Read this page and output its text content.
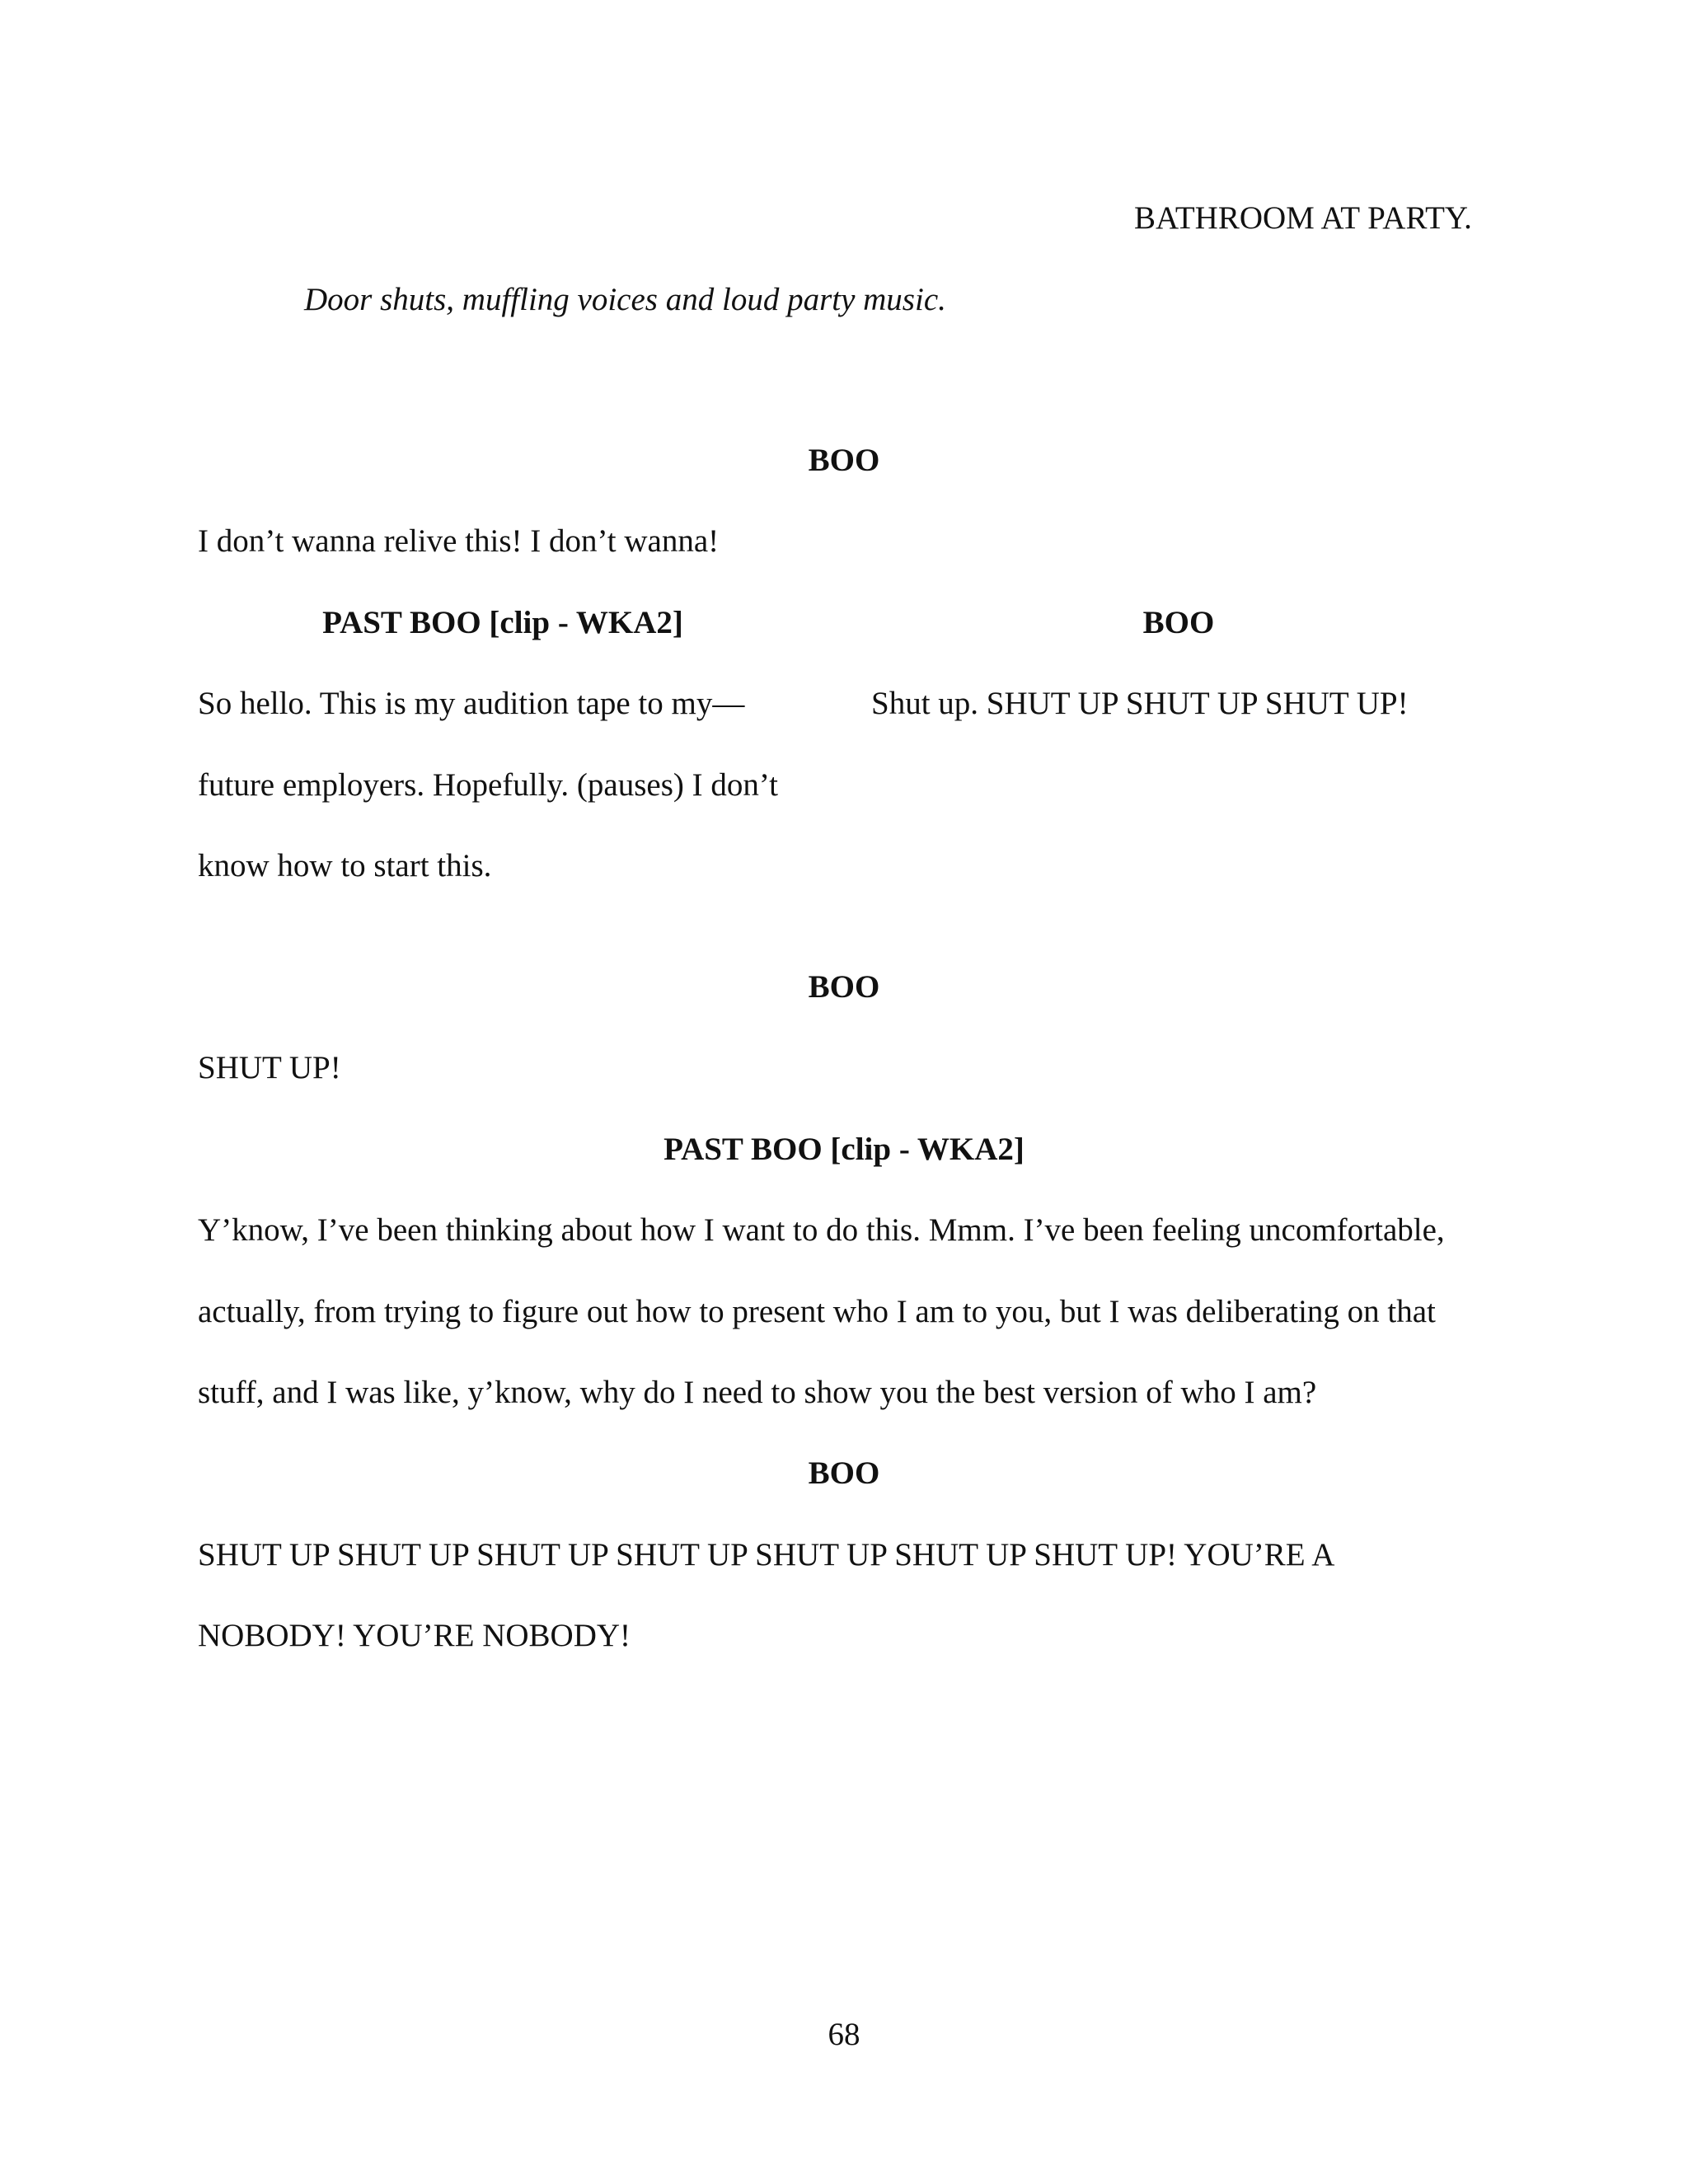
BATHROOM AT PARTY.
Door shuts, muffling voices and loud party music.
BOO
I don’t wanna relive this! I don’t wanna!
PAST BOO [clip - WKA2]
So hello. This is my audition tape to my—
future employers. Hopefully. (pauses) I don’t
know how to start this.
BOO
Shut up. SHUT UP SHUT UP SHUT UP!
BOO
SHUT UP!
PAST BOO [clip - WKA2]
Y’know, I’ve been thinking about how I want to do this. Mmm. I’ve been feeling uncomfortable,
actually, from trying to figure out how to present who I am to you, but I was deliberating on that
stuff, and I was like, y’know, why do I need to show you the best version of who I am?
BOO
SHUT UP SHUT UP SHUT UP SHUT UP SHUT UP SHUT UP SHUT UP! YOU’RE A
NOBODY! YOU’RE NOBODY!
68
